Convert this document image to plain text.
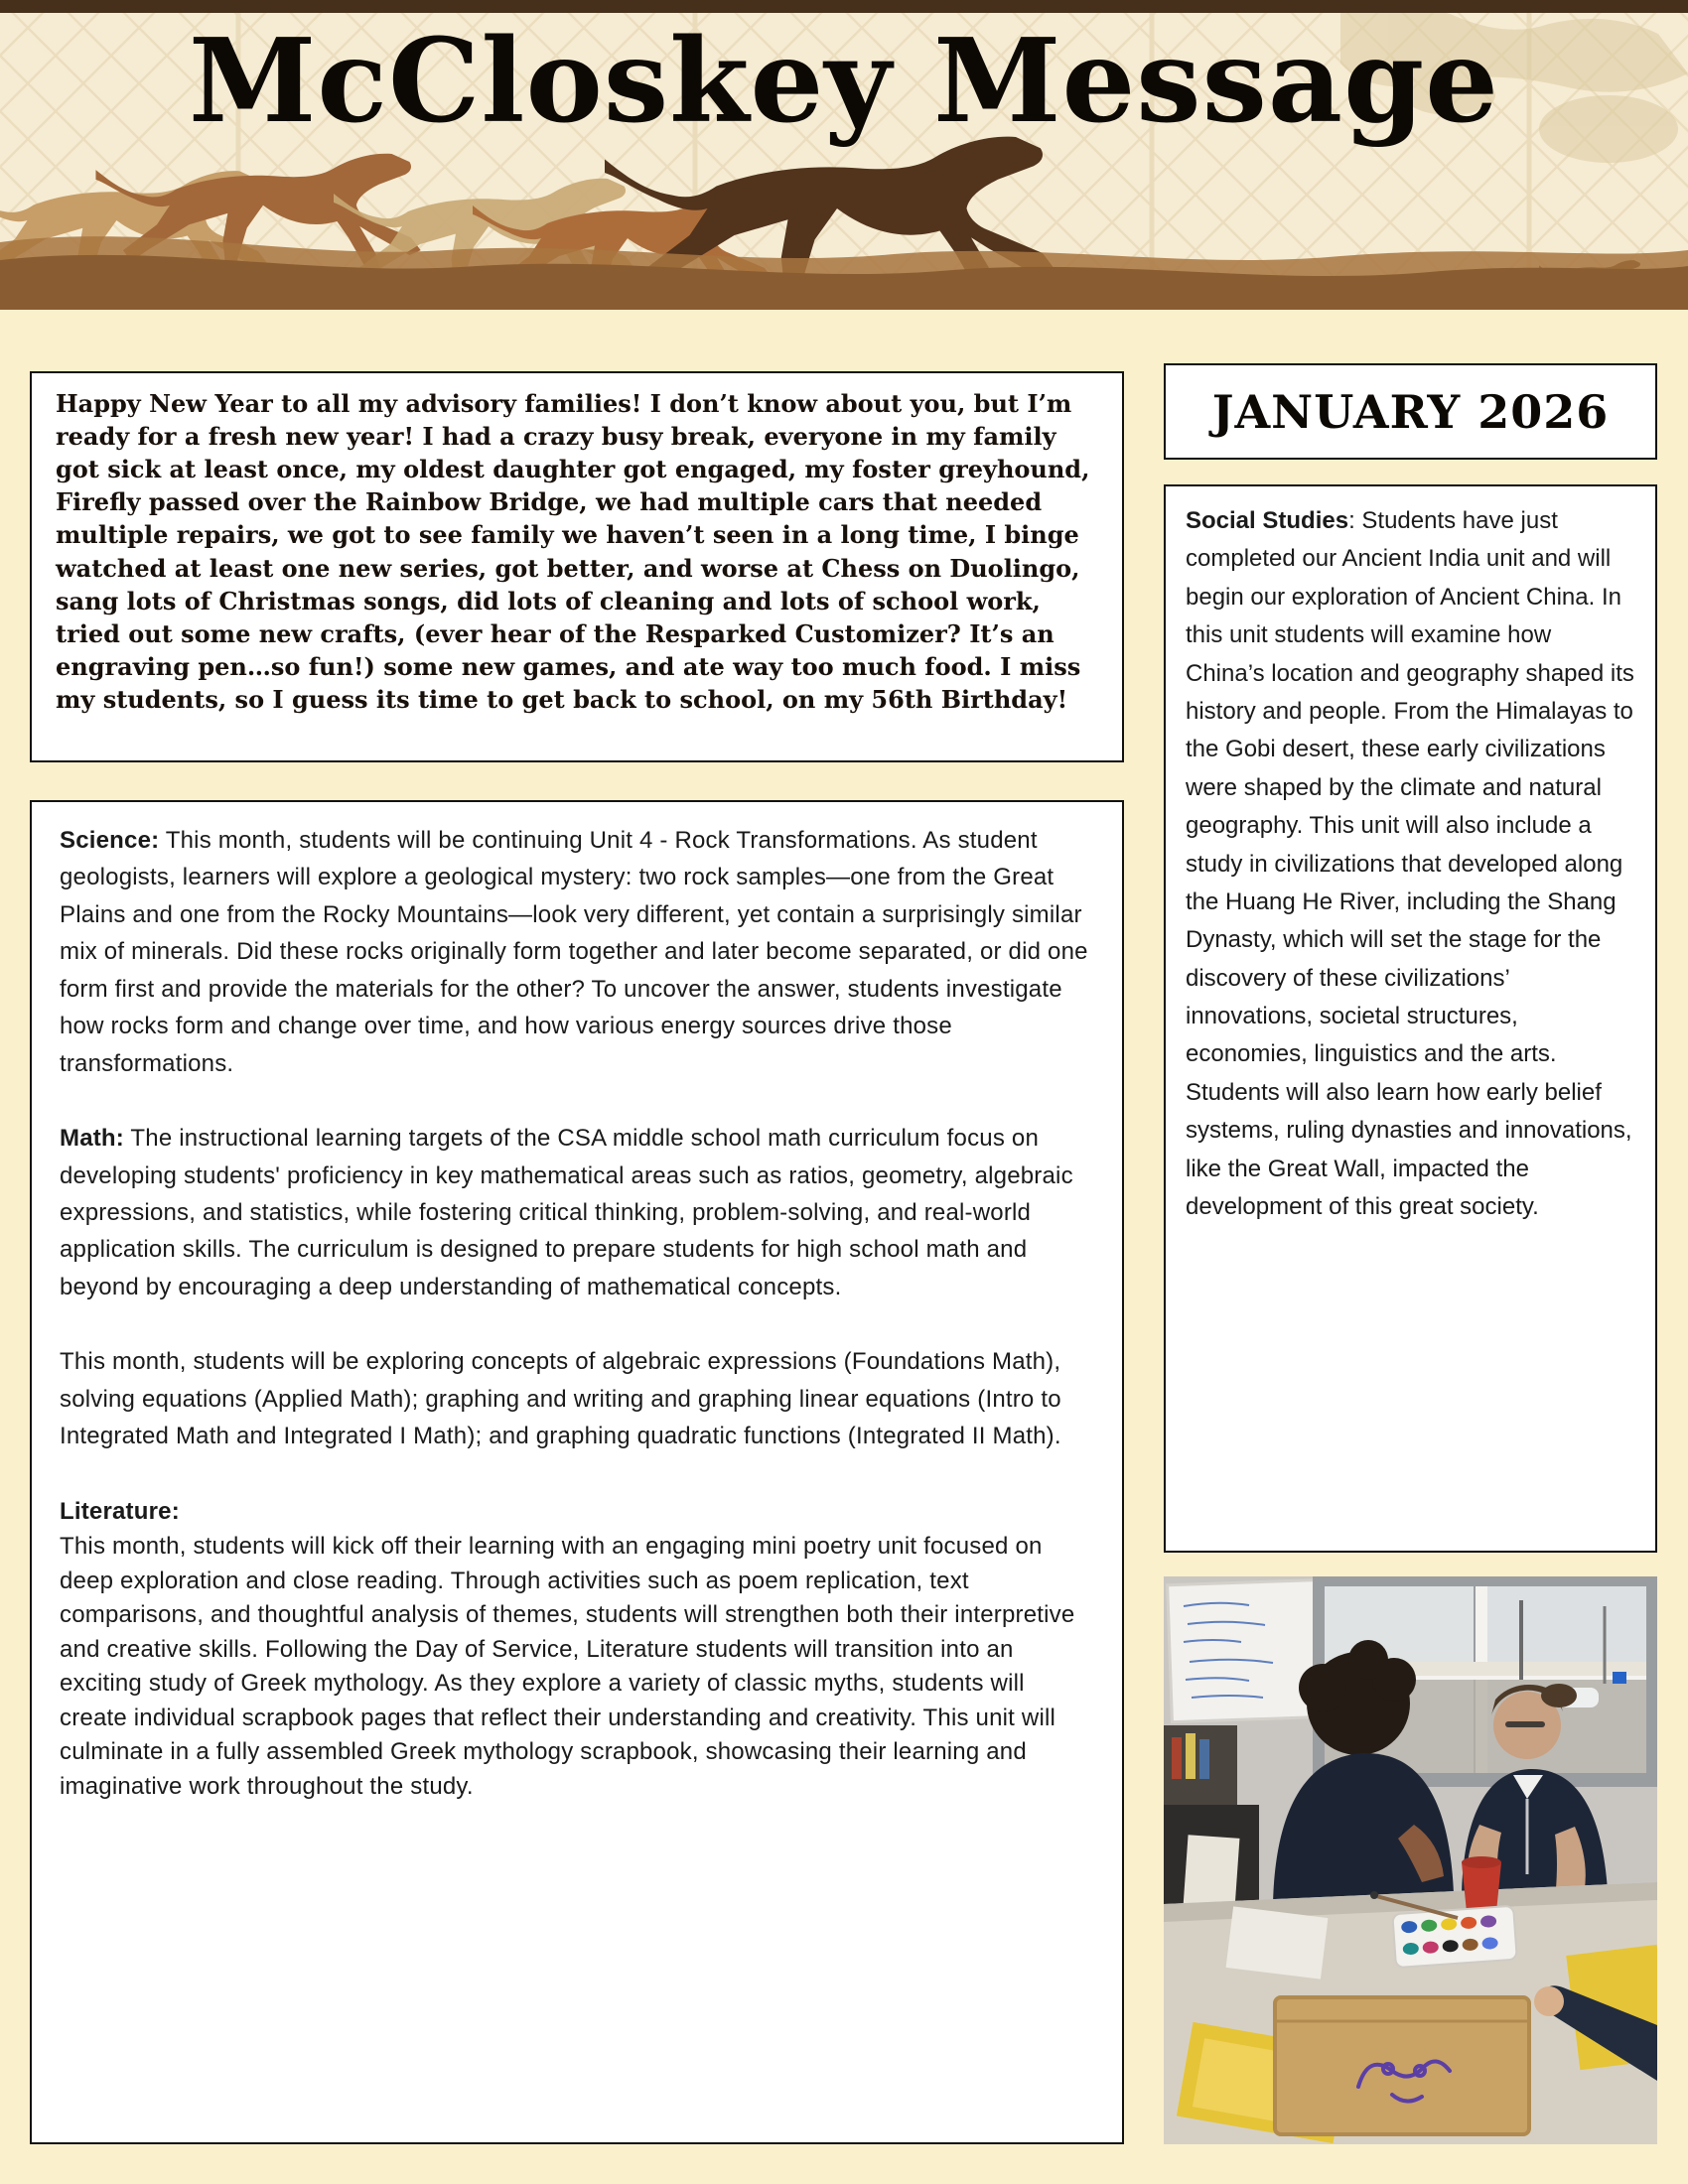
McCloskey Message

Happy New Year to all my advisory families! I don’t know about you, but I’m ready for a fresh new year! I had a crazy busy break, everyone in my family got sick at least once, my oldest daughter got engaged, my foster greyhound, Firefly passed over the Rainbow Bridge, we had multiple cars that needed multiple repairs, we got to see family we haven’t seen in a long time, I binge watched at least one new series, got better, and worse at Chess on Duolingo, sang lots of Christmas songs, did lots of cleaning and lots of school work, tried out some new crafts, (ever hear of the Resparked Customizer? It’s an engraving pen…so fun!) some new games, and ate way too much food. I miss my students, so I guess its time to get back to school, on my 56th Birthday!

Science: This month, students will be continuing Unit 4 - Rock Transformations. As student geologists, learners will explore a geological mystery: two rock samples—one from the Great Plains and one from the Rocky Mountains—look very different, yet contain a surprisingly similar mix of minerals. Did these rocks originally form together and later become separated, or did one form first and provide the materials for the other? To uncover the answer, students investigate how rocks form and change over time, and how various energy sources drive those transformations.

Math: The instructional learning targets of the CSA middle school math curriculum focus on developing students' proficiency in key mathematical areas such as ratios, geometry, algebraic expressions, and statistics, while fostering critical thinking, problem-solving, and real-world application skills. The curriculum is designed to prepare students for high school math and beyond by encouraging a deep understanding of mathematical concepts.

This month, students will be exploring concepts of algebraic expressions (Foundations Math), solving equations (Applied Math); graphing and writing and graphing linear equations (Intro to Integrated Math and Integrated I Math); and graphing quadratic functions (Integrated II Math).

Literature:

This month, students will kick off their learning with an engaging mini poetry unit focused on deep exploration and close reading. Through activities such as poem replication, text comparisons, and thoughtful analysis of themes, students will strengthen both their interpretive and creative skills. Following the Day of Service, Literature students will transition into an exciting study of Greek mythology. As they explore a variety of classic myths, students will create individual scrapbook pages that reflect their understanding and creativity. This unit will culminate in a fully assembled Greek mythology scrapbook, showcasing their learning and imaginative work throughout the study.

JANUARY 2026

Social Studies: Students have just completed our Ancient India unit and will begin our exploration of Ancient China. In this unit students will examine how China’s location and geography shaped its history and people. From the Himalayas to the Gobi desert, these early civilizations were shaped by the climate and natural geography. This unit will also include a study in civilizations that developed along the Huang He River, including the Shang Dynasty, which will set the stage for the discovery of these civilizations’ innovations, societal structures, economies, linguistics and the arts. Students will also learn how early belief systems, ruling dynasties and innovations, like the Great Wall, impacted the development of this great society.
